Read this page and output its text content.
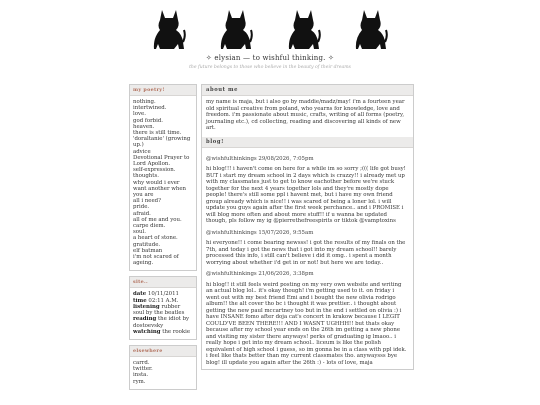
✧ elysian — to wishful thinking. ✧
the future belongs to those who believe in the beauty of their dreams
my poetry!
nothing.
intertwined.
love.
god forbid.
heaven.
there is still time.
'doraltanie' (growing up.)
advice
Devotional Prayer to Lord Apollon.
self-expression.
thoughts.
why would i ever want another when you are
all i need?
pride.
afraid.
all of me and you.
carpe diem.
soul.
a heart of stone.
gratitude.
elf batman
i'm not scared of
ageing.
site..
date 10/11/2011
time 02:11 A.M.
listening rubber soul by the beatles
reading the idiot by dostoevsky
watching the rookie
elsewhere
carrd.
twitter.
insta.
rym.
about me
my name is maja, but i also go by maddie/madz/may! i'm a fourteen year old spiritual creative from poland, who yearns for knowledge, love and freedom. i'm passionate about music, crafts, writing of all forms (poetry, journaling etc.), cd collecting, reading and discovering all kinds of new art.
blog!
@wishfulthinkings 29/08/2026, 7:05pm

hi blog!!! i haven't come on here for a while im so sorry ;((( life got busy! BUT i start my dream school in 2 days which is crazzy!! i already met up with my classmates just to get to know eachother before we're stuck together for the next 4 years together lols and they're mostly dope people! there's still some ppl i havent met, but i have my own friend group already which is nice!! i was scared of being a loner lol. i will update you guys again after the first week perchance.. and i PROMISE i will blog more often and about more stuff!! if u wanna be updated though, pls follow my ig @pierrethefreespirits or tiktok @vamptoxins

@wishfulthinkings 15/07/2026, 9:55am

hi everyone!! i come bearing newsss! i got the results of my finals on the 7th, and today i got the news that i got into my dream school!! barely processed this info, i still can't believe i did it omg.. i spent a month worrying about whether i'd get in or not! but here we are today..

@wishfulthinkings 21/06/2026, 3:38pm

hi blog!! it still feels weird posting on my very own website and writing an actual blog lol.. it's okay though! i'm getting used to it. on friday i went out with my best friend Emi and i bought the new olivia rodrigo album!! the alt cover tho bc i thought it was prettier.. i thought about getting the new paul mccartney too but in the end i settled on olivia :) i have INSANE fomo after doja cat's concert in krakow because I LEGIT COULD'VE BEEN THERE!!! AND I WASNT UGHHH!! but thats okay because after my school year ends on the 26th im getting a new phone and visiting my sister there anyways! perks of graduating ig lmaoo.. i really hope i get into my dream school.. liceum is like the polish equivalent of high school i guess, so im gonna be in a class with ppl idek. i feel like thats better than my current classmates tho. anywaysss bye blog! ill update you again after the 26th :) - lots of love, maja
